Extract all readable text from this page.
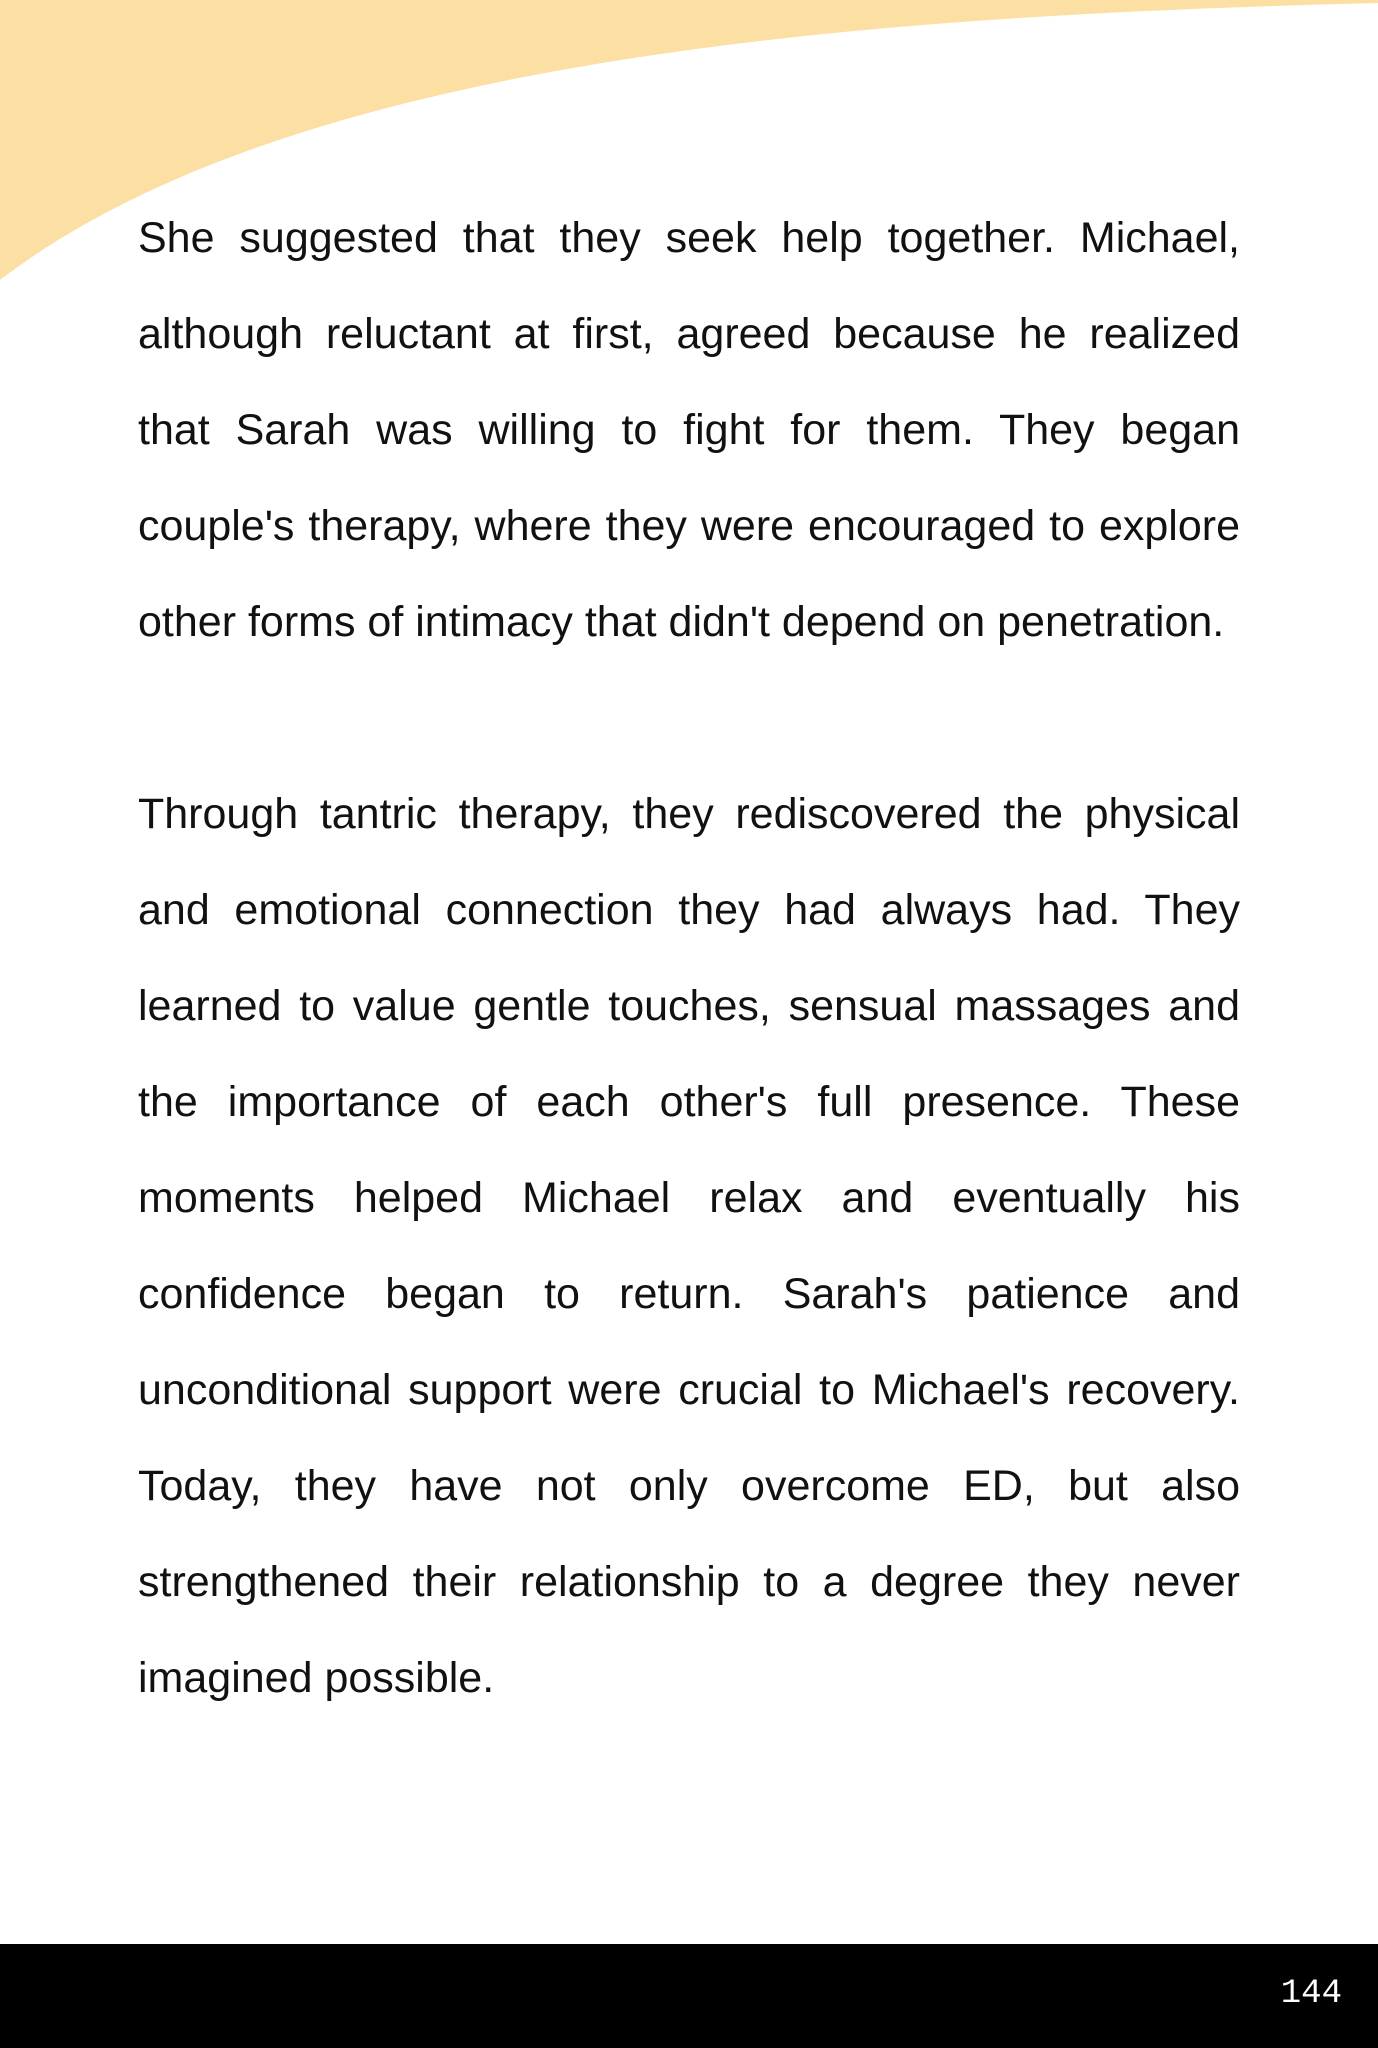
She suggested that they seek help together. Michael, although reluctant at first, agreed because he realized that Sarah was willing to fight for them. They began couple's therapy, where they were encouraged to explore other forms of intimacy that didn't depend on penetration.

Through tantric therapy, they rediscovered the physical and emotional connection they had always had. They learned to value gentle touches, sensual massages and the importance of each other's full presence. These moments helped Michael relax and eventually his confidence began to return. Sarah's patience and unconditional support were crucial to Michael's recovery. Today, they have not only overcome ED, but also strengthened their relationship to a degree they never imagined possible.

144
